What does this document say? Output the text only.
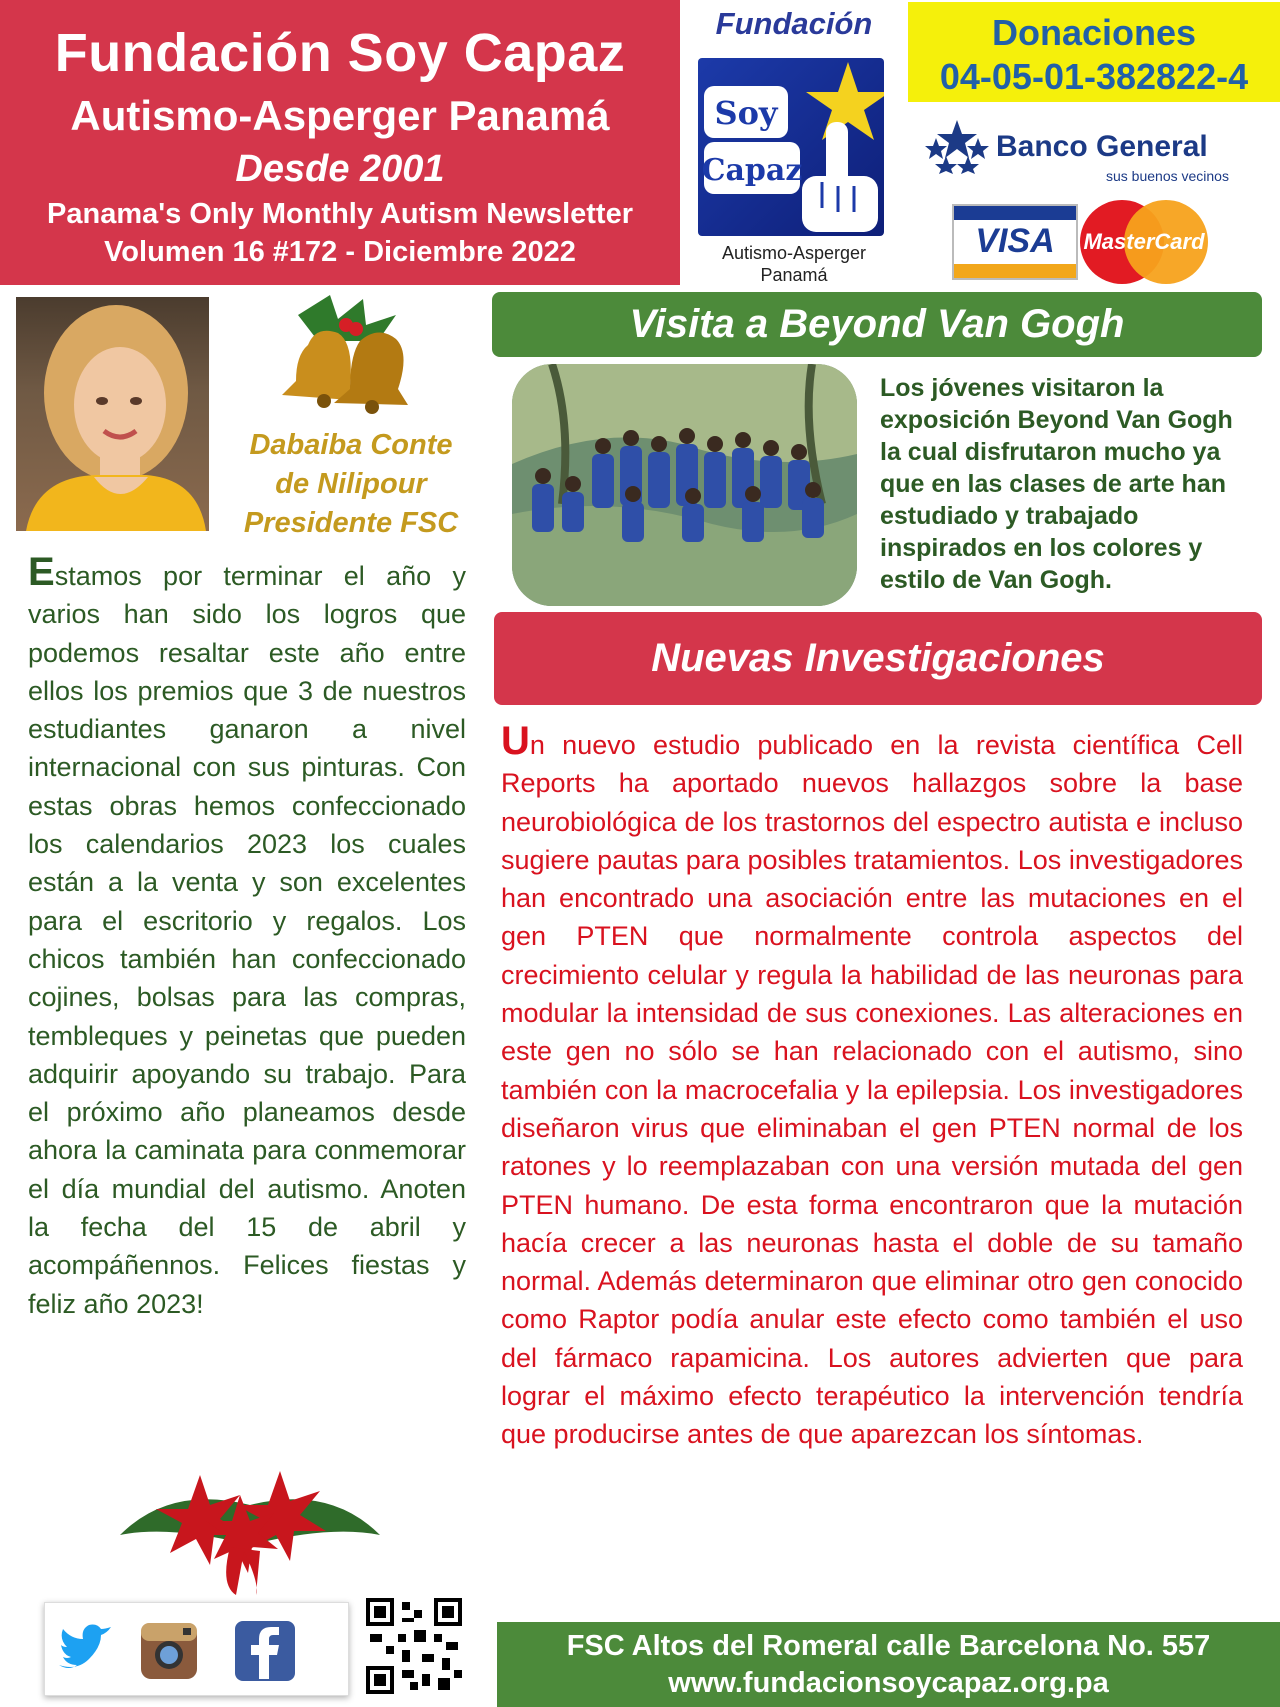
Fundación Soy Capaz
Autismo-Asperger Panamá
Desde 2001
Panama's Only Monthly Autism Newsletter
Volumen 16 #172 - Diciembre 2022
Fundación
Soy
Capaz
Autismo-Asperger
Panamá
Donaciones
04-05-01-382822-4
Banco General
sus buenos vecinos
VISA	MasterCard
Dabaiba Conte
de Nilipour
Presidente FSC
Estamos por terminar el año y varios han sido los logros que podemos resaltar este año entre ellos los premios que 3 de nuestros estudiantes ganaron a nivel internacional con sus pinturas. Con estas obras hemos confeccionado los calendarios 2023 los cuales están a la venta y son excelentes para el escritorio y regalos. Los chicos también han confeccionado cojines, bolsas para las compras, tembleques y peinetas que pueden adquirir apoyando su trabajo. Para el próximo año planeamos desde ahora la caminata para conmemorar el día mundial del autismo. Anoten la fecha del 15 de abril y acompáñennos. Felices fiestas y feliz año 2023!
Visita a Beyond Van Gogh
Los jóvenes visitaron la exposición Beyond Van Gogh la cual disfrutaron mucho ya que en las clases de arte han estudiado y trabajado inspirados en los colores y estilo de Van Gogh.
Nuevas Investigaciones
Un nuevo estudio publicado en la revista científica Cell Reports ha aportado nuevos hallazgos sobre la base neurobiológica de los trastornos del espectro autista e incluso sugiere pautas para posibles tratamientos. Los investigadores han encontrado una asociación entre las mutaciones en el gen PTEN que normalmente controla aspectos del crecimiento celular y regula la habilidad de las neuronas para modular la intensidad de sus conexiones. Las alteraciones en este gen no sólo se han relacionado con el autismo, sino también con la macrocefalia y la epilepsia. Los investigadores diseñaron virus que eliminaban el gen PTEN normal de los ratones y lo reemplazaban con una versión mutada del gen PTEN humano. De esta forma encontraron que la mutación hacía crecer a las neuronas hasta el doble de su tamaño normal. Además determinaron que eliminar otro gen conocido como Raptor podía anular este efecto como también el uso del fármaco rapamicina. Los autores advierten que para lograr el máximo efecto terapéutico la intervención tendría que producirse antes de que aparezcan los síntomas.
FSC Altos del Romeral calle Barcelona No. 557
www.fundacionsoycapaz.org.pa
